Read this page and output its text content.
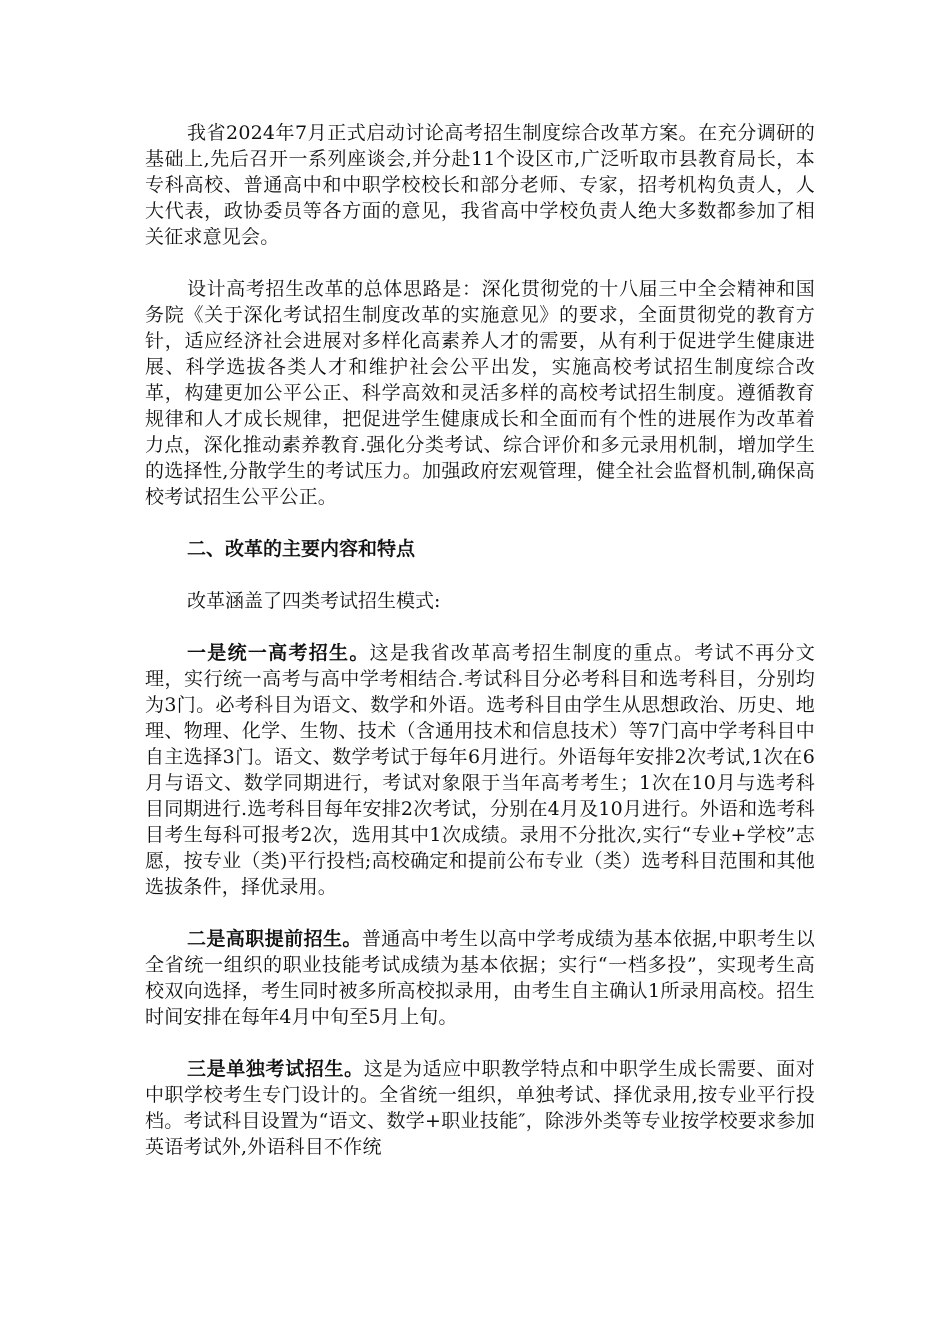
我省2024年7月正式启动讨论高考招生制度综合改革方案。在充分调研的基础上,先后召开一系列座谈会,并分赴11个设区市,广泛听取市县教育局长，本专科高校、普通高中和中职学校校长和部分老师、专家，招考机构负责人，人大代表，政协委员等各方面的意见，我省高中学校负责人绝大多数都参加了相关征求意见会。

设计高考招生改革的总体思路是：深化贯彻党的十八届三中全会精神和国务院《关于深化考试招生制度改革的实施意见》的要求，全面贯彻党的教育方针，适应经济社会进展对多样化高素养人才的需要，从有利于促进学生健康进展、科学选拔各类人才和维护社会公平出发，实施高校考试招生制度综合改革，构建更加公平公正、科学高效和灵活多样的高校考试招生制度。遵循教育规律和人才成长规律，把促进学生健康成长和全面而有个性的进展作为改革着力点，深化推动素养教育.强化分类考试、综合评价和多元录用机制，增加学生的选择性,分散学生的考试压力。加强政府宏观管理，健全社会监督机制,确保高校考试招生公平公正。

二、改革的主要内容和特点

改革涵盖了四类考试招生模式:

一是统一高考招生。这是我省改革高考招生制度的重点。考试不再分文理，实行统一高考与高中学考相结合.考试科目分必考科目和选考科目，分别均为3门。必考科目为语文、数学和外语。选考科目由学生从思想政治、历史、地理、物理、化学、生物、技术（含通用技术和信息技术）等7门高中学考科目中自主选择3门。语文、数学考试于每年6月进行。外语每年安排2次考试,1次在6月与语文、数学同期进行，考试对象限于当年高考考生；1次在10月与选考科目同期进行.选考科目每年安排2次考试，分别在4月及10月进行。外语和选考科目考生每科可报考2次，选用其中1次成绩。录用不分批次,实行“专业+学校”志愿，按专业（类)平行投档;高校确定和提前公布专业（类）选考科目范围和其他选拔条件，择优录用。

二是高职提前招生。普通高中考生以高中学考成绩为基本依据,中职考生以全省统一组织的职业技能考试成绩为基本依据；实行“一档多投”，实现考生高校双向选择，考生同时被多所高校拟录用，由考生自主确认1所录用高校。招生时间安排在每年4月中旬至5月上旬。

三是单独考试招生。这是为适应中职教学特点和中职学生成长需要、面对中职学校考生专门设计的。全省统一组织，单独考试、择优录用,按专业平行投档。考试科目设置为“语文、数学+职业技能″，除涉外类等专业按学校要求参加英语考试外,外语科目不作统
